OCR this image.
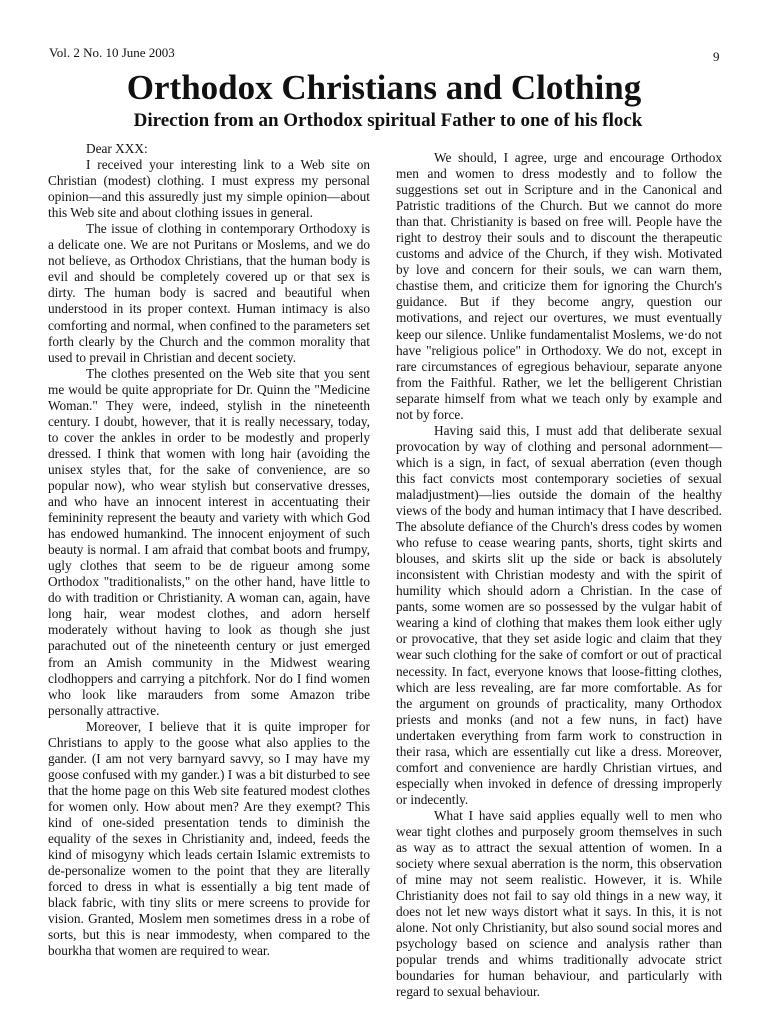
Vol. 2 No. 10 June 2003	9
Orthodox Christians and Clothing
Direction from an Orthodox spiritual Father to one of his flock

Dear XXX:

I received your interesting link to a Web site on Christian (modest) clothing. I must express my personal opinion—and this assuredly just my simple opinion—about this Web site and about clothing issues in general.

The issue of clothing in contemporary Orthodoxy is a delicate one. We are not Puritans or Moslems, and we do not believe, as Orthodox Christians, that the human body is evil and should be completely covered up or that sex is dirty. The human body is sacred and beautiful when understood in its proper context. Human intimacy is also comforting and normal, when confined to the parameters set forth clearly by the Church and the common morality that used to prevail in Christian and decent society.

The clothes presented on the Web site that you sent me would be quite appropriate for Dr. Quinn the "Medicine Woman." They were, indeed, stylish in the nineteenth century. I doubt, however, that it is really necessary, today, to cover the ankles in order to be modestly and properly dressed. I think that women with long hair (avoiding the unisex styles that, for the sake of convenience, are so popular now), who wear stylish but conservative dresses, and who have an innocent interest in accentuating their femininity represent the beauty and variety with which God has endowed humankind. The innocent enjoyment of such beauty is normal. I am afraid that combat boots and frumpy, ugly clothes that seem to be de rigueur among some Orthodox "traditionalists," on the other hand, have little to do with tradition or Christianity. A woman can, again, have long hair, wear modest clothes, and adorn herself moderately without having to look as though she just parachuted out of the nineteenth century or just emerged from an Amish community in the Midwest wearing clodhoppers and carrying a pitchfork. Nor do I find women who look like marauders from some Amazon tribe personally attractive.

Moreover, I believe that it is quite improper for Christians to apply to the goose what also applies to the gander. (I am not very barnyard savvy, so I may have my goose confused with my gander.) I was a bit disturbed to see that the home page on this Web site featured modest clothes for women only. How about men? Are they exempt? This kind of one-sided presentation tends to diminish the equality of the sexes in Christianity and, indeed, feeds the kind of misogyny which leads certain Islamic extremists to de-personalize women to the point that they are literally forced to dress in what is essentially a big tent made of black fabric, with tiny slits or mere screens to provide for vision. Granted, Moslem men sometimes dress in a robe of sorts, but this is near immodesty, when compared to the bourkha that women are required to wear.

We should, I agree, urge and encourage Orthodox men and women to dress modestly and to follow the suggestions set out in Scripture and in the Canonical and Patristic traditions of the Church. But we cannot do more than that. Christianity is based on free will. People have the right to destroy their souls and to discount the therapeutic customs and advice of the Church, if they wish. Motivated by love and concern for their souls, we can warn them, chastise them, and criticize them for ignoring the Church's guidance. But if they become angry, question our motivations, and reject our overtures, we must eventually keep our silence. Unlike fundamentalist Moslems, we·do not have "religious police" in Orthodoxy. We do not, except in rare circumstances of egregious behaviour, separate anyone from the Faithful. Rather, we let the belligerent Christian separate himself from what we teach only by example and not by force.

Having said this, I must add that deliberate sexual provocation by way of clothing and personal adornment—which is a sign, in fact, of sexual aberration (even though this fact convicts most contemporary societies of sexual maladjustment)—lies outside the domain of the healthy views of the body and human intimacy that I have described. The absolute defiance of the Church's dress codes by women who refuse to cease wearing pants, shorts, tight skirts and blouses, and skirts slit up the side or back is absolutely inconsistent with Christian modesty and with the spirit of humility which should adorn a Christian. In the case of pants, some women are so possessed by the vulgar habit of wearing a kind of clothing that makes them look either ugly or provocative, that they set aside logic and claim that they wear such clothing for the sake of comfort or out of practical necessity. In fact, everyone knows that loose-fitting clothes, which are less revealing, are far more comfortable. As for the argument on grounds of practicality, many Orthodox priests and monks (and not a few nuns, in fact) have undertaken everything from farm work to construction in their rasa, which are essentially cut like a dress. Moreover, comfort and convenience are hardly Christian virtues, and especially when invoked in defence of dressing improperly or indecently.

What I have said applies equally well to men who wear tight clothes and purposely groom themselves in such as way as to attract the sexual attention of women. In a society where sexual aberration is the norm, this observation of mine may not seem realistic. However, it is. While Christianity does not fail to say old things in a new way, it does not let new ways distort what it says. In this, it is not alone. Not only Christianity, but also sound social mores and psychology based on science and analysis rather than popular trends and whims traditionally advocate strict boundaries for human behaviour, and particularly with regard to sexual behaviour.
